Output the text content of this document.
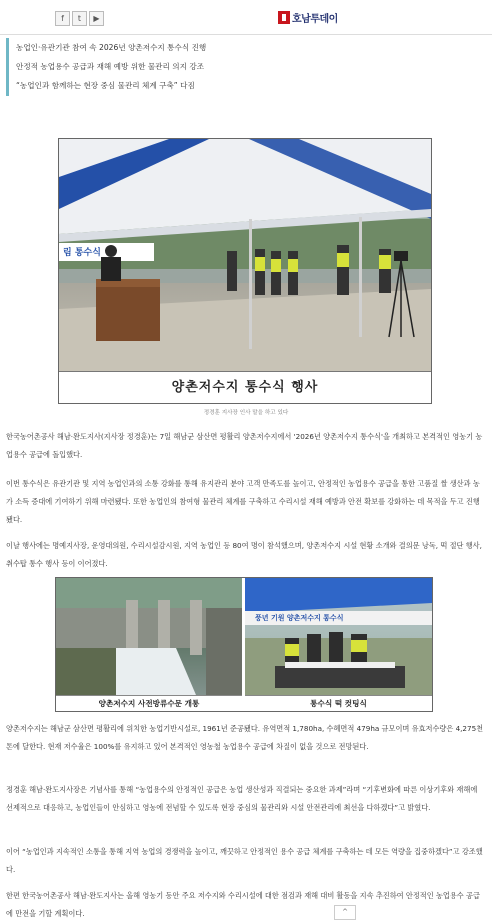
f	t	▶	호남투데이
농업인·유관기관 참여 속 2026년 양촌저수지 통수식 진행
안정적 농업용수 공급과 재해 예방 위한 물관리 의지 강조
“농업인과 함께하는 현장 중심 물관리 체계 구축” 다짐
림 통수식
양촌저수지 통수식 행사
정경훈 지사장 인사 말을 하고 있다
한국농어촌공사 해남·완도지사(지사장 정경훈)는 7일 해남군 삼산면 평활리 양촌저수지에서 '2026년 양촌저수지 통수식'을 개최하고 본격적인 영농기 농업용수 공급에 돌입했다.
이번 통수식은 유관기관 및 지역 농업인과의 소통 강화를 통해 유지관리 분야 고객 만족도를 높이고, 안정적인 농업용수 공급을 통한 고품질 쌀 생산과 농가 소득 증대에 기여하기 위해 마련됐다. 또한 농업인의 참여형 물관리 체계를 구축하고 수리시설 재해 예방과 안전 확보를 강화하는 데 목적을 두고 진행됐다.
이날 행사에는 명예지사장, 운영대의원, 수리시설감시원, 지역 농업인 등 80여 명이 참석했으며, 양촌저수지 시설 현황 소개와 결의문 낭독, 떡 절단 행사, 취수탑 통수 행사 등이 이어졌다.
풍년 기원 양촌저수지 통수식
양촌저수지 사전방류수문 개통	통수식 떡 컷팅식
양촌저수지는 해남군 삼산면 평활리에 위치한 농업기반시설로, 1961년 준공됐다. 유역면적 1,780ha, 수혜면적 479ha 규모이며 유효저수량은 4,275천톤에 달한다. 현재 저수율은 100%를 유지하고 있어 본격적인 영농철 농업용수 공급에 차질이 없을 것으로 전망된다.
정경훈 해남·완도지사장은 기념사를 통해 “농업용수의 안정적인 공급은 농업 생산성과 직결되는 중요한 과제”라며 “기후변화에 따른 이상기후와 재해에 선제적으로 대응하고, 농업인들이 안심하고 영농에 전념할 수 있도록 현장 중심의 물관리와 시설 안전관리에 최선을 다하겠다”고 밝혔다.
이어 “농업인과 지속적인 소통을 통해 지역 농업의 경쟁력을 높이고, 깨끗하고 안정적인 용수 공급 체계를 구축하는 데 모든 역량을 집중하겠다”고 강조했다.
한편 한국농어촌공사 해남·완도지사는 올해 영농기 동안 주요 저수지와 수리시설에 대한 점검과 재해 대비 활동을 지속 추진하여 안정적인 농업용수 공급에 만전을 기할 계획이다.	^
